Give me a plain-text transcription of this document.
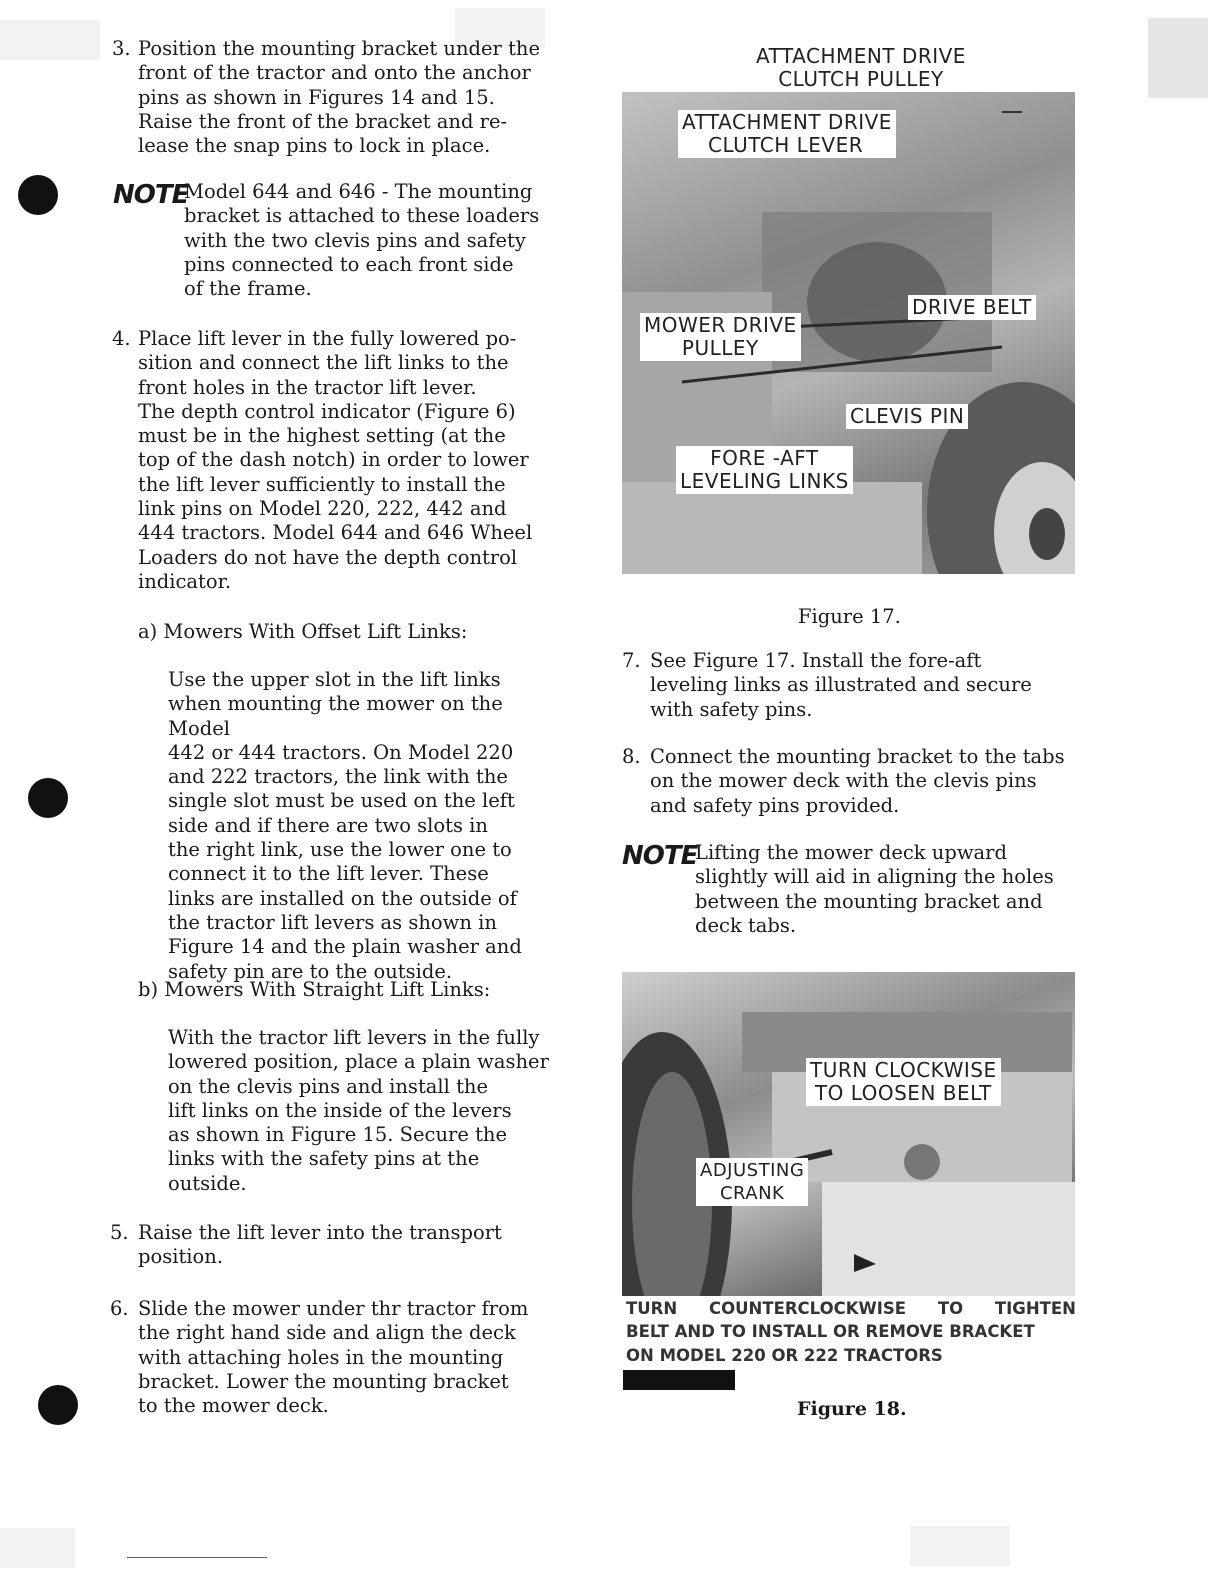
3. Position the mounting bracket under the
front of the tractor and onto the anchor
pins as shown in Figures 14 and 15.
Raise the front of the bracket and re-
lease the snap pins to lock in place.
NOTE
Model 644 and 646 - The mounting
bracket is attached to these loaders
with the two clevis pins and safety
pins connected to each front side
of the frame.
4. Place lift lever in the fully lowered po-
sition and connect the lift links to the
front holes in the tractor lift lever.
The depth control indicator (Figure 6)
must be in the highest setting (at the
top of the dash notch) in order to lower
the lift lever sufficiently to install the
link pins on Model 220, 222, 442 and
444 tractors. Model 644 and 646 Wheel
Loaders do not have the depth control
indicator.
a) Mowers With Offset Lift Links:
Use the upper slot in the lift links
when mounting the mower on the Model
442 or 444 tractors. On Model 220
and 222 tractors, the link with the
single slot must be used on the left
side and if there are two slots in
the right link, use the lower one to
connect it to the lift lever. These
links are installed on the outside of
the tractor lift levers as shown in
Figure 14 and the plain washer and
safety pin are to the outside.
b) Mowers With Straight Lift Links:
With the tractor lift levers in the fully
lowered position, place a plain washer
on the clevis pins and install the
lift links on the inside of the levers
as shown in Figure 15. Secure the
links with the safety pins at the
outside.
5. Raise the lift lever into the transport
position.
6. Slide the mower under thr tractor from
the right hand side and align the deck
with attaching holes in the mounting
bracket. Lower the mounting bracket
to the mower deck.
ATTACHMENT DRIVE
CLUTCH PULLEY
ATTACHMENT DRIVE
CLUTCH LEVER
DRIVE BELT
MOWER DRIVE
PULLEY
CLEVIS PIN
FORE -AFT
LEVELING LINKS
Figure 17.
7. See Figure 17. Install the fore-aft
leveling links as illustrated and secure
with safety pins.
8. Connect the mounting bracket to the tabs
on the mower deck with the clevis pins
and safety pins provided.
NOTE
Lifting the mower deck upward
slightly will aid in aligning the holes
between the mounting bracket and
deck tabs.
TURN CLOCKWISE
TO LOOSEN BELT
ADJUSTING
CRANK
TURN COUNTERCLOCKWISE TO TIGHTEN
BELT AND TO INSTALL OR REMOVE BRACKET
ON MODEL 220 OR 222 TRACTORS
Figure 18.
